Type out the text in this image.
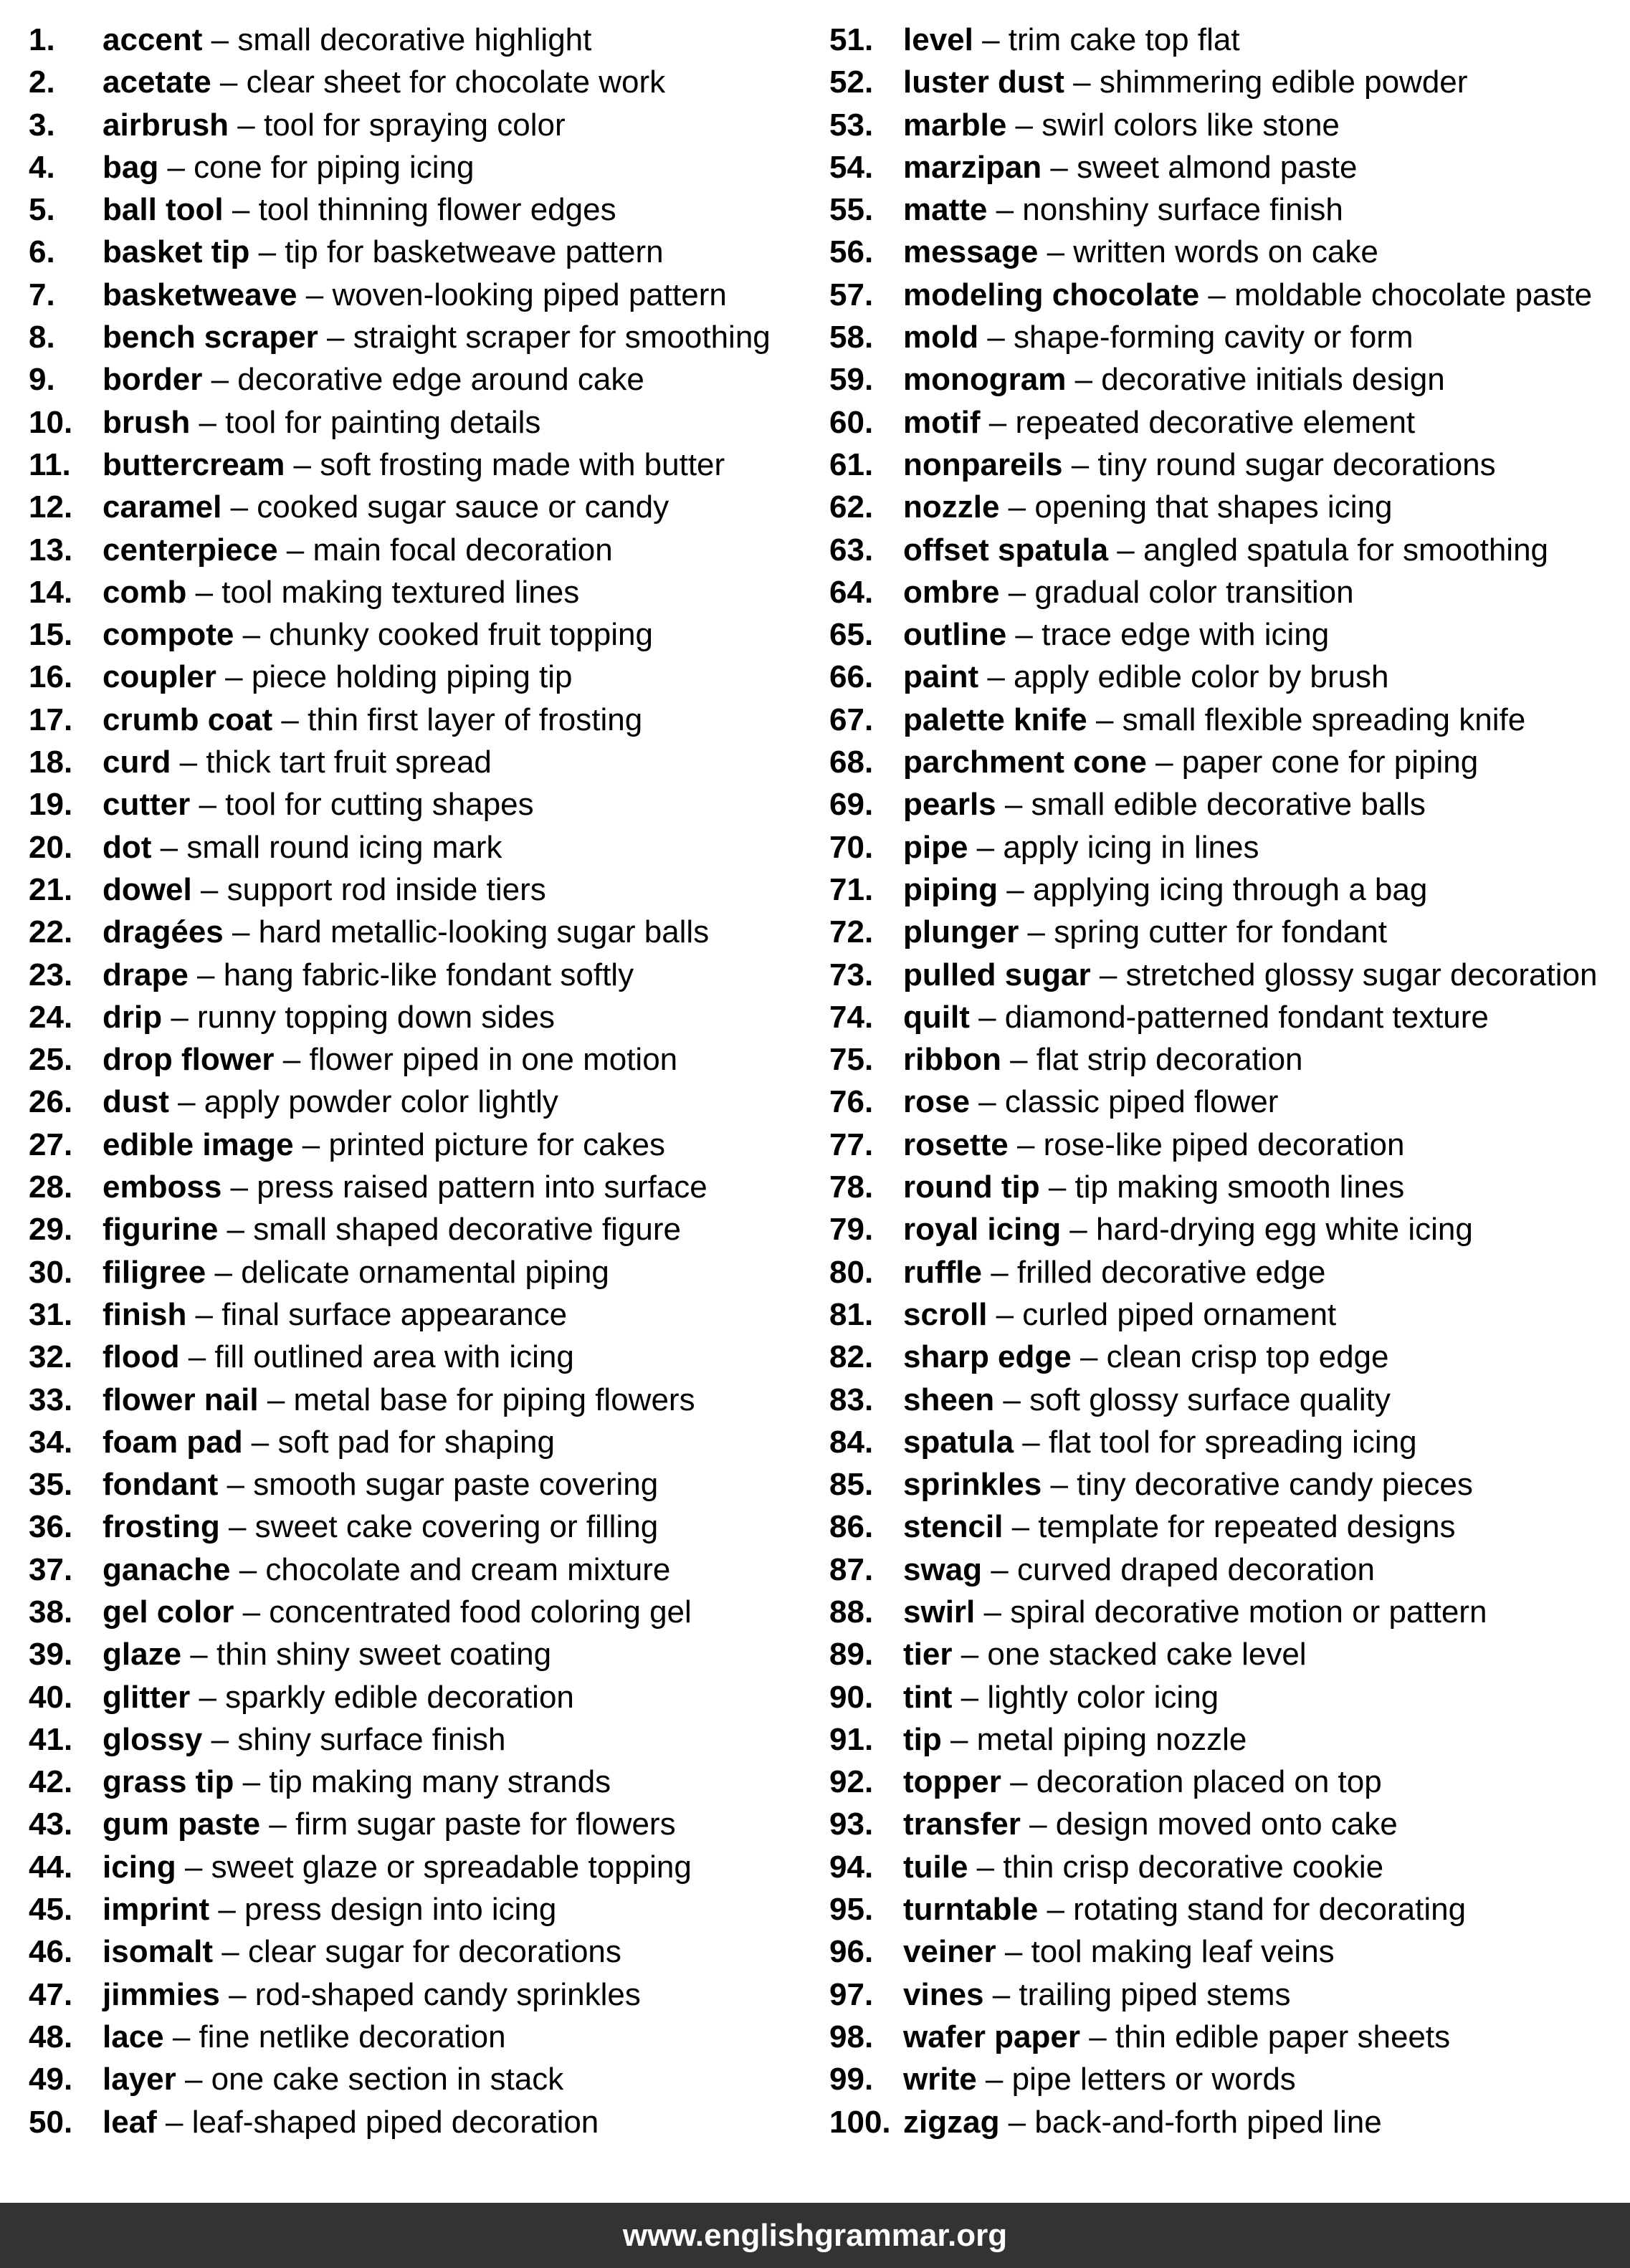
1.	accent – small decorative highlight
2.	acetate – clear sheet for chocolate work
3.	airbrush – tool for spraying color
4.	bag – cone for piping icing
5.	ball tool – tool thinning flower edges
6.	basket tip – tip for basketweave pattern
7.	basketweave – woven-looking piped pattern
8.	bench scraper – straight scraper for smoothing
9.	border – decorative edge around cake
10. brush – tool for painting details
11.	buttercream – soft frosting made with butter
12. caramel – cooked sugar sauce or candy
13. centerpiece – main focal decoration
14. comb – tool making textured lines
15. compote – chunky cooked fruit topping
16. coupler – piece holding piping tip
17. crumb coat – thin first layer of frosting
18. curd – thick tart fruit spread
19. cutter – tool for cutting shapes
20. dot – small round icing mark
21. dowel – support rod inside tiers
22. dragées – hard metallic-looking sugar balls
23. drape – hang fabric-like fondant softly
24. drip – runny topping down sides
25. drop flower – flower piped in one motion
26. dust – apply powder color lightly
27. edible image – printed picture for cakes
28. emboss – press raised pattern into surface
29. figurine – small shaped decorative figure
30. filigree – delicate ornamental piping
31. finish – final surface appearance
32. flood – fill outlined area with icing
33. flower nail – metal base for piping flowers
34. foam pad – soft pad for shaping
35. fondant – smooth sugar paste covering
36. frosting – sweet cake covering or filling
37. ganache – chocolate and cream mixture
38. gel color – concentrated food coloring gel
39. glaze – thin shiny sweet coating
40. glitter – sparkly edible decoration
41. glossy – shiny surface finish
42. grass tip – tip making many strands
43. gum paste – firm sugar paste for flowers
44. icing – sweet glaze or spreadable topping
45. imprint – press design into icing
46. isomalt – clear sugar for decorations
47. jimmies – rod-shaped candy sprinkles
48. lace – fine netlike decoration
49. layer – one cake section in stack
50. leaf – leaf-shaped piped decoration
51. level – trim cake top flat
52. luster dust – shimmering edible powder
53. marble – swirl colors like stone
54. marzipan – sweet almond paste
55. matte – nonshiny surface finish
56. message – written words on cake
57. modeling chocolate – moldable chocolate paste
58. mold – shape-forming cavity or form
59. monogram – decorative initials design
60. motif – repeated decorative element
61. nonpareils – tiny round sugar decorations
62. nozzle – opening that shapes icing
63. offset spatula – angled spatula for smoothing
64. ombre – gradual color transition
65. outline – trace edge with icing
66. paint – apply edible color by brush
67. palette knife – small flexible spreading knife
68. parchment cone – paper cone for piping
69. pearls – small edible decorative balls
70. pipe – apply icing in lines
71. piping – applying icing through a bag
72. plunger – spring cutter for fondant
73. pulled sugar – stretched glossy sugar decoration
74. quilt – diamond-patterned fondant texture
75. ribbon – flat strip decoration
76. rose – classic piped flower
77. rosette – rose-like piped decoration
78. round tip – tip making smooth lines
79. royal icing – hard-drying egg white icing
80. ruffle – frilled decorative edge
81. scroll – curled piped ornament
82. sharp edge – clean crisp top edge
83. sheen – soft glossy surface quality
84. spatula – flat tool for spreading icing
85. sprinkles – tiny decorative candy pieces
86. stencil – template for repeated designs
87. swag – curved draped decoration
88. swirl – spiral decorative motion or pattern
89. tier – one stacked cake level
90. tint – lightly color icing
91. tip – metal piping nozzle
92. topper – decoration placed on top
93. transfer – design moved onto cake
94. tuile – thin crisp decorative cookie
95. turntable – rotating stand for decorating
96. veiner – tool making leaf veins
97. vines – trailing piped stems
98. wafer paper – thin edible paper sheets
99. write – pipe letters or words
100. zigzag – back-and-forth piped line
www.englishgrammar.org
